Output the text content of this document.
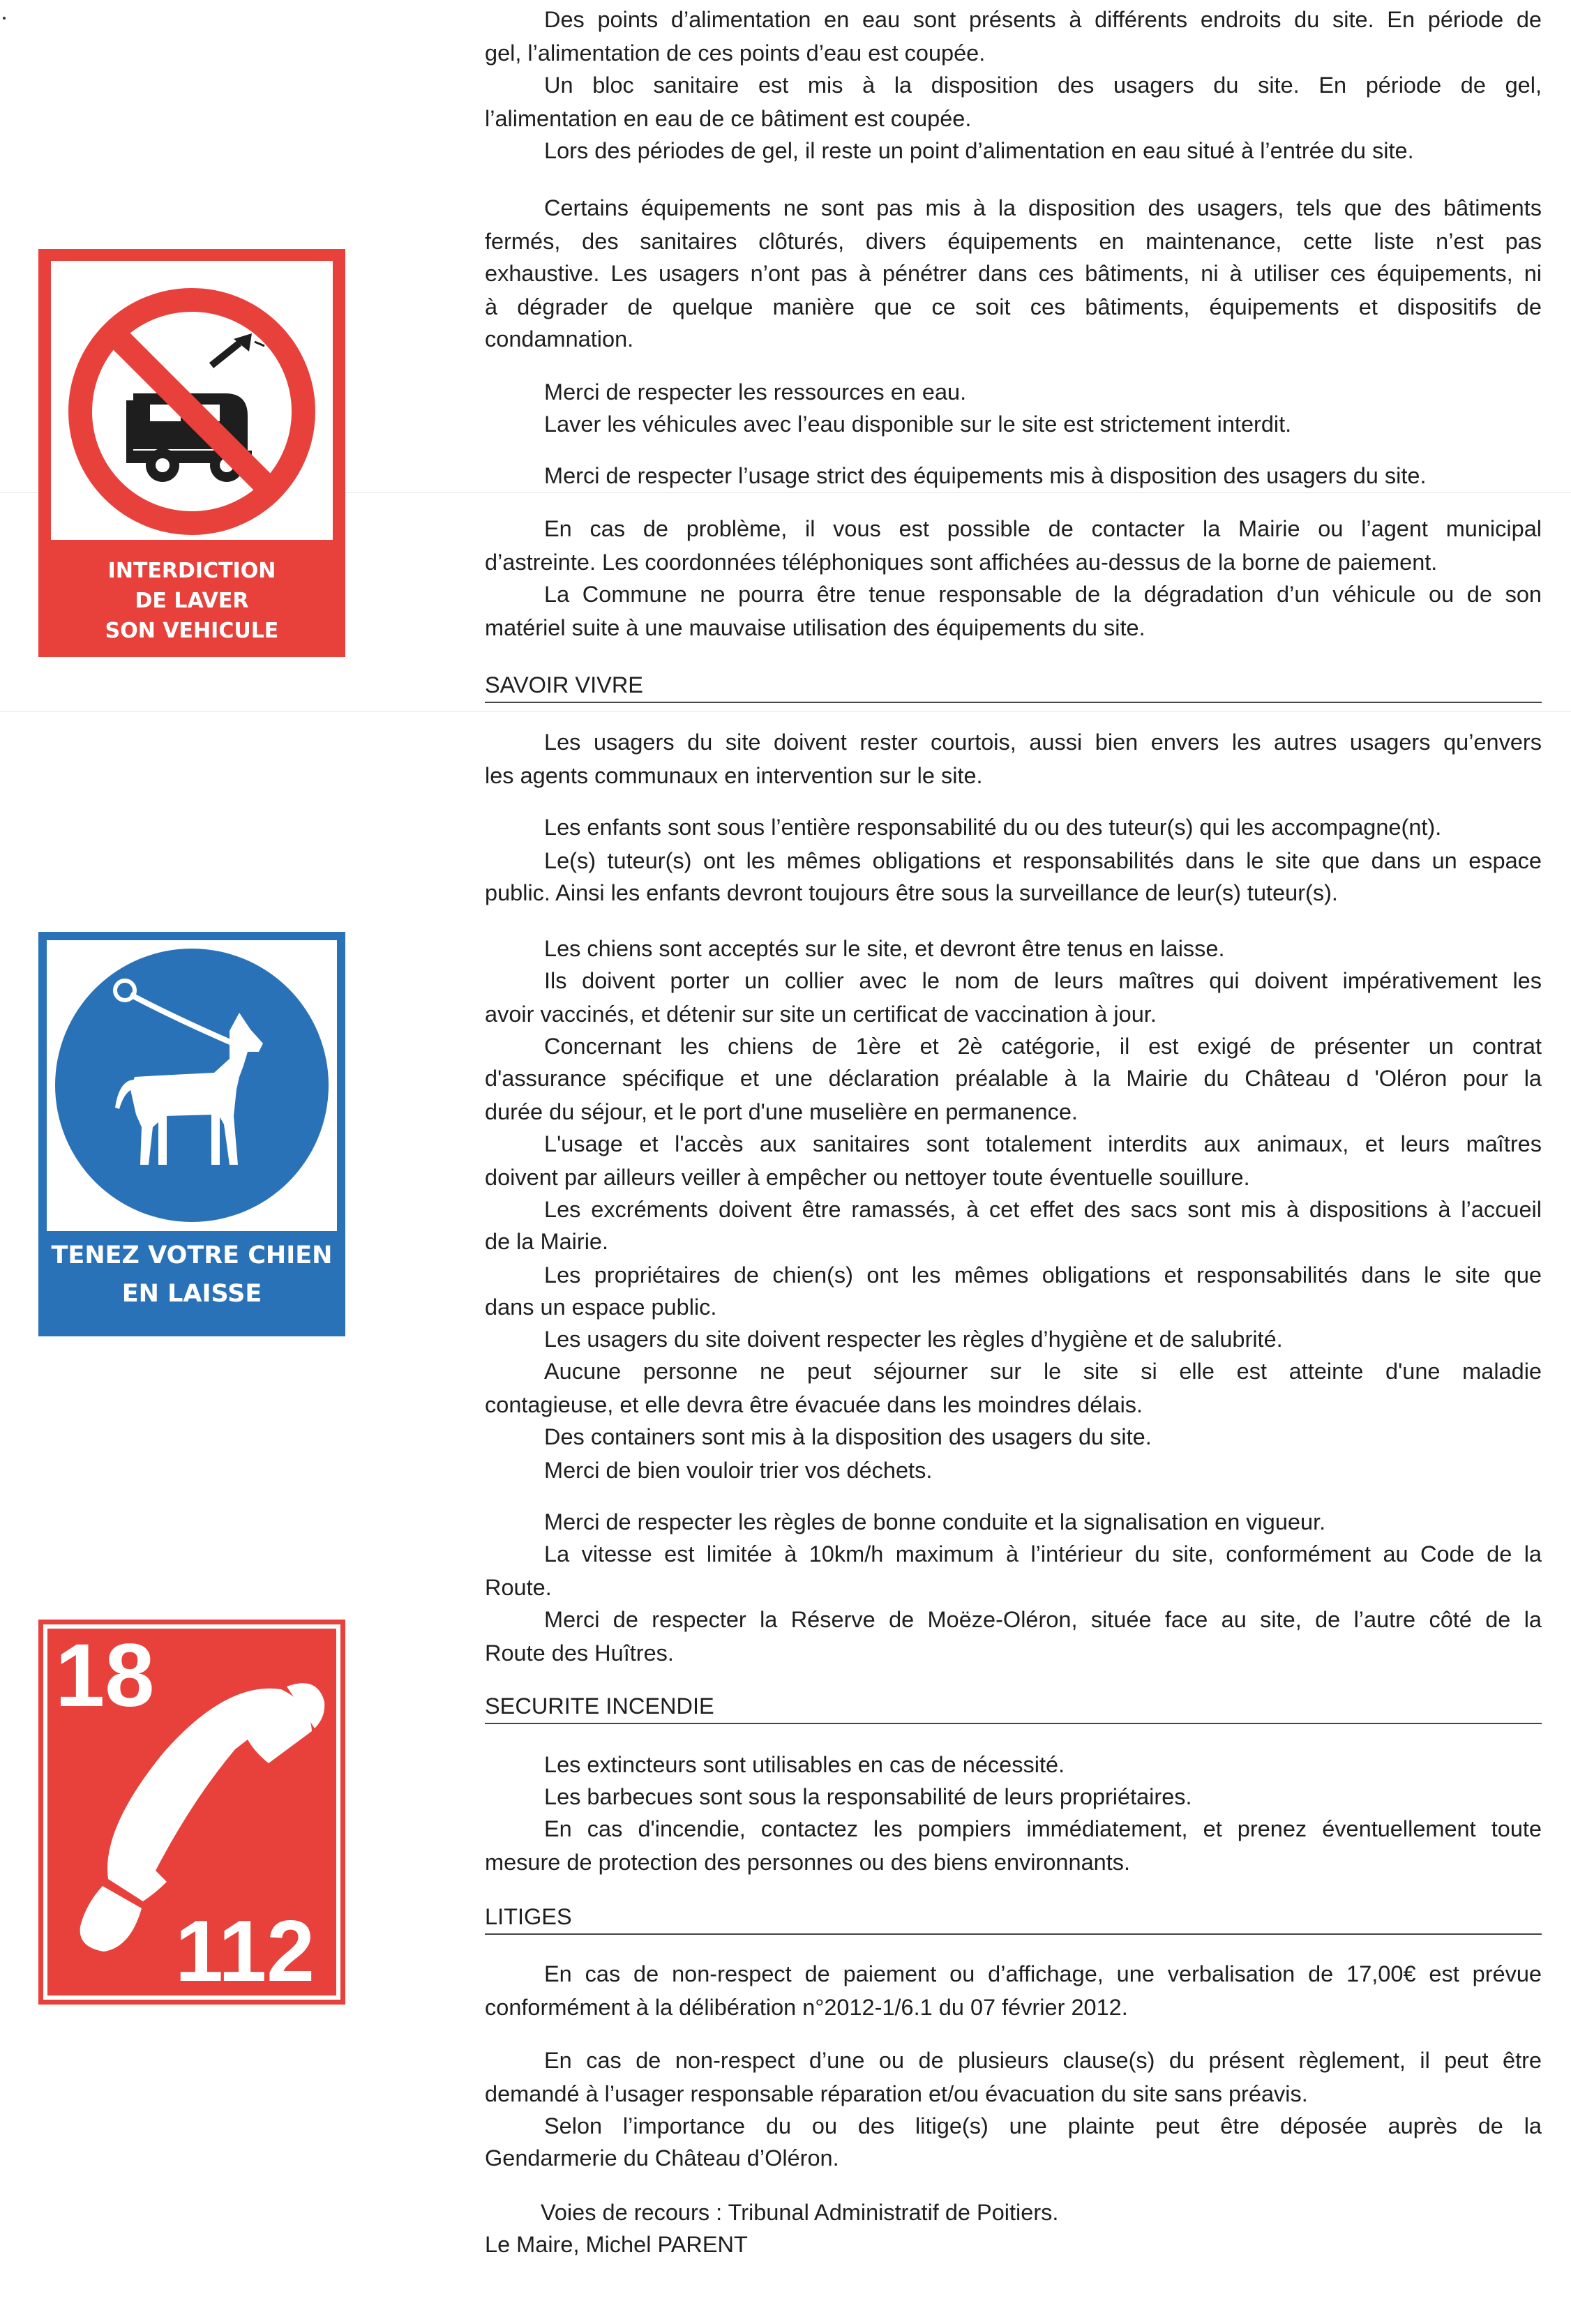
INTERDICTION
DE LAVER
SON VEHICULE
TENEZ VOTRE CHIEN
EN LAISSE
18
112
Des points d’alimentation en eau sont présents à différents endroits du site. En période de
gel, l’alimentation de ces points d’eau est coupée.
Un bloc sanitaire est mis à la disposition des usagers du site. En période de gel,
l’alimentation en eau de ce bâtiment est coupée.
Lors des périodes de gel, il reste un point d’alimentation en eau situé à l’entrée du site.
Certains équipements ne sont pas mis à la disposition des usagers, tels que des bâtiments
fermés, des sanitaires clôturés, divers équipements en maintenance, cette liste n’est pas
exhaustive. Les usagers n’ont pas à pénétrer dans ces bâtiments, ni à utiliser ces équipements, ni
à dégrader de quelque manière que ce soit ces bâtiments, équipements et dispositifs de
condamnation.
Merci de respecter les ressources en eau.
Laver les véhicules avec l’eau disponible sur le site est strictement interdit.
Merci de respecter l’usage strict des équipements mis à disposition des usagers du site.
En cas de problème, il vous est possible de contacter la Mairie ou l’agent municipal
d’astreinte. Les coordonnées téléphoniques sont affichées au-dessus de la borne de paiement.
La Commune ne pourra être tenue responsable de la dégradation d’un véhicule ou de son
matériel suite à une mauvaise utilisation des équipements du site.
SAVOIR VIVRE
Les usagers du site doivent rester courtois, aussi bien envers les autres usagers qu’envers
les agents communaux en intervention sur le site.
Les enfants sont sous l’entière responsabilité du ou des tuteur(s) qui les accompagne(nt).
Le(s) tuteur(s) ont les mêmes obligations et responsabilités dans le site que dans un espace
public. Ainsi les enfants devront toujours être sous la surveillance de leur(s) tuteur(s).
Les chiens sont acceptés sur le site, et devront être tenus en laisse.
Ils doivent porter un collier avec le nom de leurs maîtres qui doivent impérativement les
avoir vaccinés, et détenir sur site un certificat de vaccination à jour.
Concernant les chiens de 1ère et 2è catégorie, il est exigé de présenter un contrat
d'assurance spécifique et une déclaration préalable à la Mairie du Château d 'Oléron pour la
durée du séjour, et le port d'une muselière en permanence.
L'usage et l'accès aux sanitaires sont totalement interdits aux animaux, et leurs maîtres
doivent par ailleurs veiller à empêcher ou nettoyer toute éventuelle souillure.
Les excréments doivent être ramassés, à cet effet des sacs sont mis à dispositions à l’accueil
de la Mairie.
Les propriétaires de chien(s) ont les mêmes obligations et responsabilités dans le site que
dans un espace public.
Les usagers du site doivent respecter les règles d’hygiène et de salubrité.
Aucune personne ne peut séjourner sur le site si elle est atteinte d'une maladie
contagieuse, et elle devra être évacuée dans les moindres délais.
Des containers sont mis à la disposition des usagers du site.
Merci de bien vouloir trier vos déchets.
Merci de respecter les règles de bonne conduite et la signalisation en vigueur.
La vitesse est limitée à 10km/h maximum à l’intérieur du site, conformément au Code de la
Route.
Merci de respecter la Réserve de Moëze-Oléron, située face au site, de l’autre côté de la
Route des Huîtres.
SECURITE INCENDIE
Les extincteurs sont utilisables en cas de nécessité.
Les barbecues sont sous la responsabilité de leurs propriétaires.
En cas d'incendie, contactez les pompiers immédiatement, et prenez éventuellement toute
mesure de protection des personnes ou des biens environnants.
LITIGES
En cas de non-respect de paiement ou d’affichage, une verbalisation de 17,00€ est prévue
conformément à la délibération n°2012-1/6.1 du 07 février 2012.
En cas de non-respect d’une ou de plusieurs clause(s) du présent règlement, il peut être
demandé à l’usager responsable réparation et/ou évacuation du site sans préavis.
Selon l’importance du ou des litige(s) une plainte peut être déposée auprès de la
Gendarmerie du Château d’Oléron.
Voies de recours : Tribunal Administratif de Poitiers.
Le Maire, Michel PARENT
